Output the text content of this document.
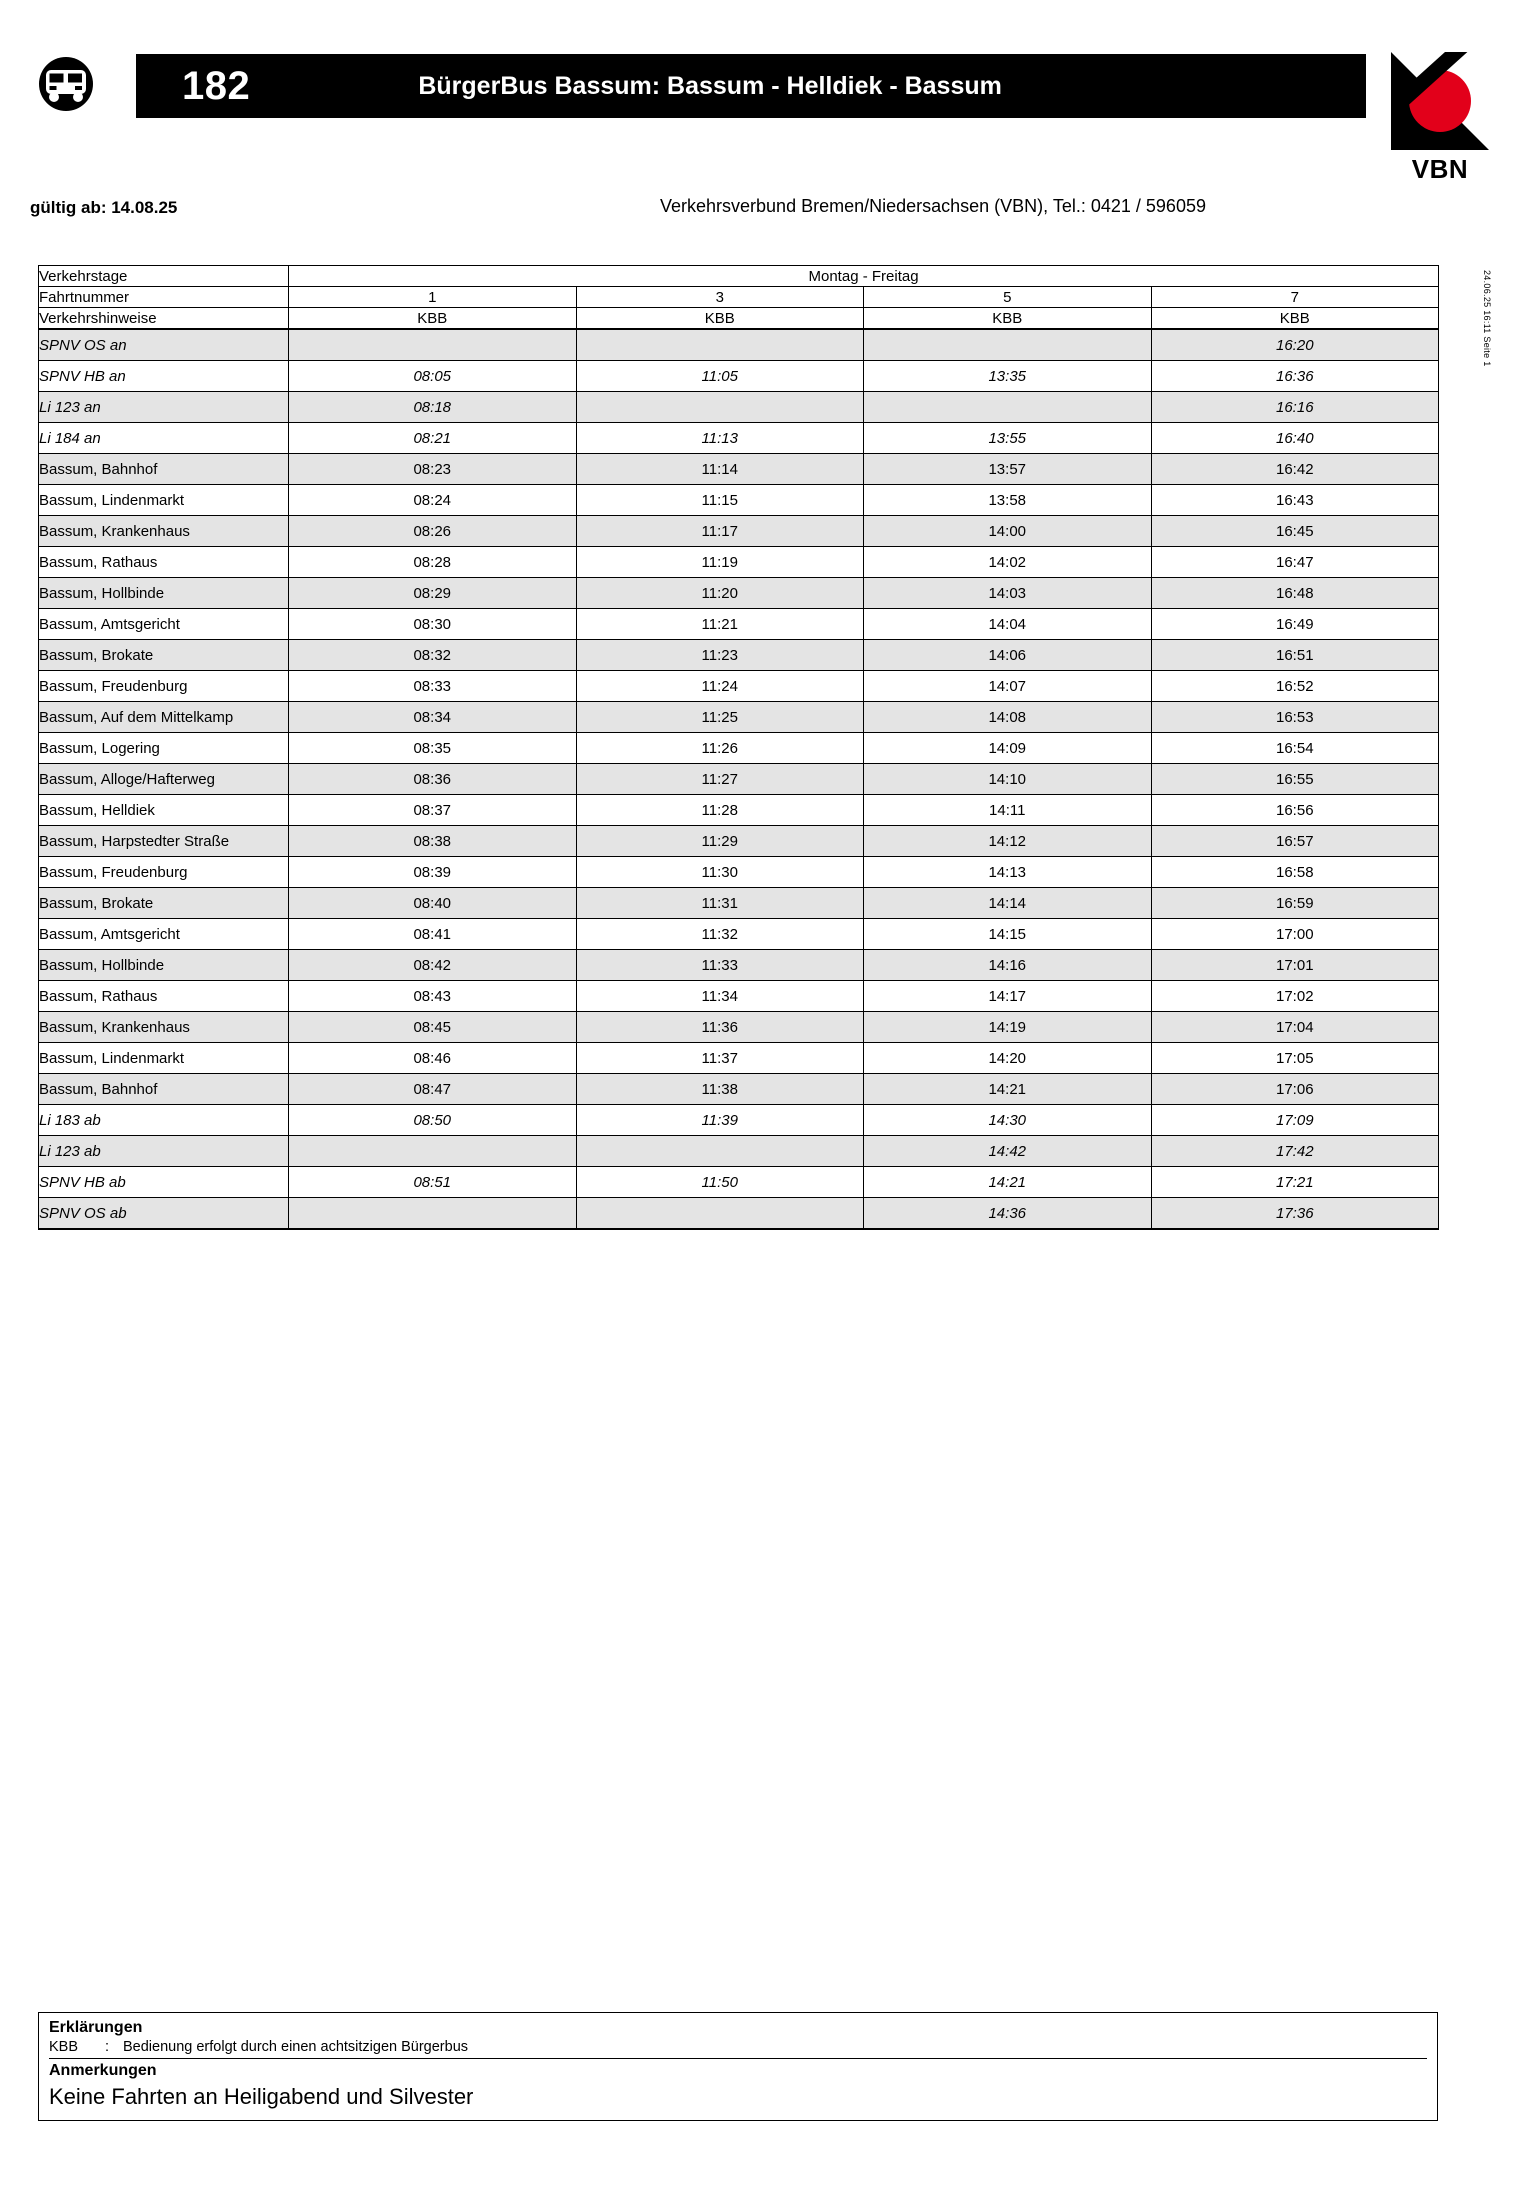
182	BürgerBus Bassum: Bassum - Helldiek - Bassum
gültig ab: 14.08.25	Verkehrsverbund Bremen/Niedersachsen (VBN), Tel.: 0421 / 596059
VBN
24.06.25 16:11 Seite 1
Verkehrstage	Montag - Freitag			
Fahrtnummer	1	3	5	7
Verkehrshinweise	KBB	KBB	KBB	KBB
SPNV OS an				16:20
SPNV HB an	08:05	11:05	13:35	16:36
Li 123 an	08:18			16:16
Li 184 an	08:21	11:13	13:55	16:40
Bassum, Bahnhof	08:23	11:14	13:57	16:42
Bassum, Lindenmarkt	08:24	11:15	13:58	16:43
Bassum, Krankenhaus	08:26	11:17	14:00	16:45
Bassum, Rathaus	08:28	11:19	14:02	16:47
Bassum, Hollbinde	08:29	11:20	14:03	16:48
Bassum, Amtsgericht	08:30	11:21	14:04	16:49
Bassum, Brokate	08:32	11:23	14:06	16:51
Bassum, Freudenburg	08:33	11:24	14:07	16:52
Bassum, Auf dem Mittelkamp	08:34	11:25	14:08	16:53
Bassum, Logering	08:35	11:26	14:09	16:54
Bassum, Alloge/Hafterweg	08:36	11:27	14:10	16:55
Bassum, Helldiek	08:37	11:28	14:11	16:56
Bassum, Harpstedter Straße	08:38	11:29	14:12	16:57
Bassum, Freudenburg	08:39	11:30	14:13	16:58
Bassum, Brokate	08:40	11:31	14:14	16:59
Bassum, Amtsgericht	08:41	11:32	14:15	17:00
Bassum, Hollbinde	08:42	11:33	14:16	17:01
Bassum, Rathaus	08:43	11:34	14:17	17:02
Bassum, Krankenhaus	08:45	11:36	14:19	17:04
Bassum, Lindenmarkt	08:46	11:37	14:20	17:05
Bassum, Bahnhof	08:47	11:38	14:21	17:06
Li 183 ab	08:50	11:39	14:30	17:09
Li 123 ab			14:42	17:42
SPNV HB ab	08:51	11:50	14:21	17:21
SPNV OS ab			14:36	17:36
Erklärungen
KBB	: Bedienung erfolgt durch einen achtsitzigen Bürgerbus
Anmerkungen
Keine Fahrten an Heiligabend und Silvester
